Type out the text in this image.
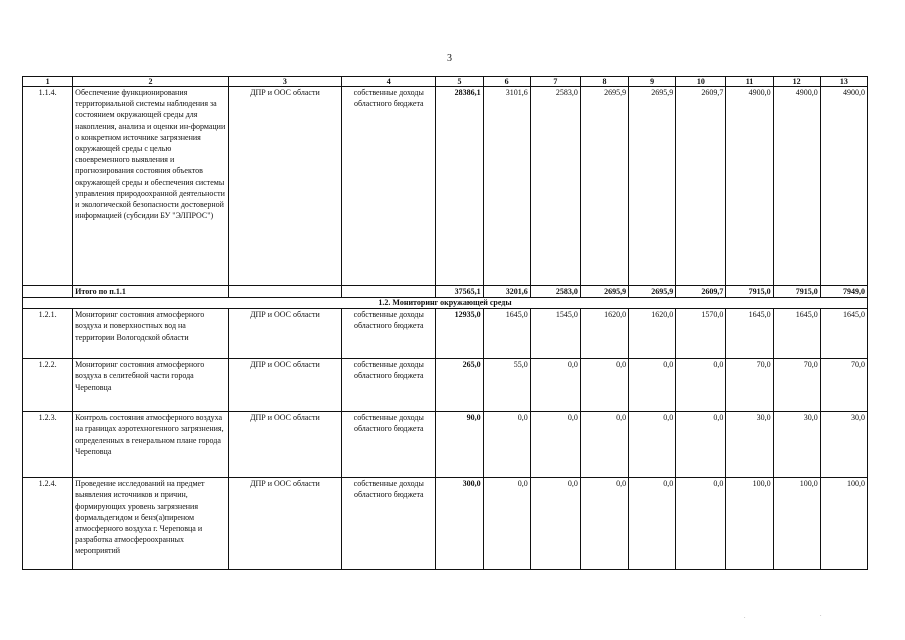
3
1	2	3	4	5	6	7	8	9	10	11	12	13
1.1.4.	Обеспечение функционирования территориальной системы наблюдения за состоянием окружающей среды для накопления, анализа и оценки ин-формации о конкретном источнике загрязнения окружающей среды с целью своевременного выявления и прогнозирования состояния объектов окружающей среды и обеспечения системы управления природоохранной деятельности и экологической безопасности достоверной информацией (субсидии БУ "ЭЛПРОС")	ДПР и ООС области	собственные доходы областного бюджета	28386,1	3101,6	2583,0	2695,9	2695,9	2609,7	4900,0	4900,0	4900,0
	Итого по п.1.1			37565,1	3201,6	2583,0	2695,9	2695,9	2609,7	7915,0	7915,0	7949,0
1.2. Мониторинг окружающей среды												
1.2.1.	Мониторинг состояния атмосферного воздуха и поверхностных вод на территории Вологодской области	ДПР и ООС области	собственные доходы областного бюджета	12935,0	1645,0	1545,0	1620,0	1620,0	1570,0	1645,0	1645,0	1645,0
1.2.2.	Мониторинг состояния атмосферного воздуха в селитебной части города Череповца	ДПР и ООС области	собственные доходы областного бюджета	265,0	55,0	0,0	0,0	0,0	0,0	70,0	70,0	70,0
1.2.3.	Контроль состояния атмосферного воздуха на границах аэротехногенного загрязнения, определенных в генеральном плане города Череповца	ДПР и ООС области	собственные доходы областного бюджета	90,0	0,0	0,0	0,0	0,0	0,0	30,0	30,0	30,0
1.2.4.	Проведение исследований на предмет выявления источников и причин, формирующих уровень загрязнения формальдегидом и бенз(а)пиреном атмосферного воздуха г. Череповца и разработка атмосфероохранных мероприятий	ДПР и ООС области	собственные доходы областного бюджета	300,0	0,0	0,0	0,0	0,0	0,0	100,0	100,0	100,0
.	.
